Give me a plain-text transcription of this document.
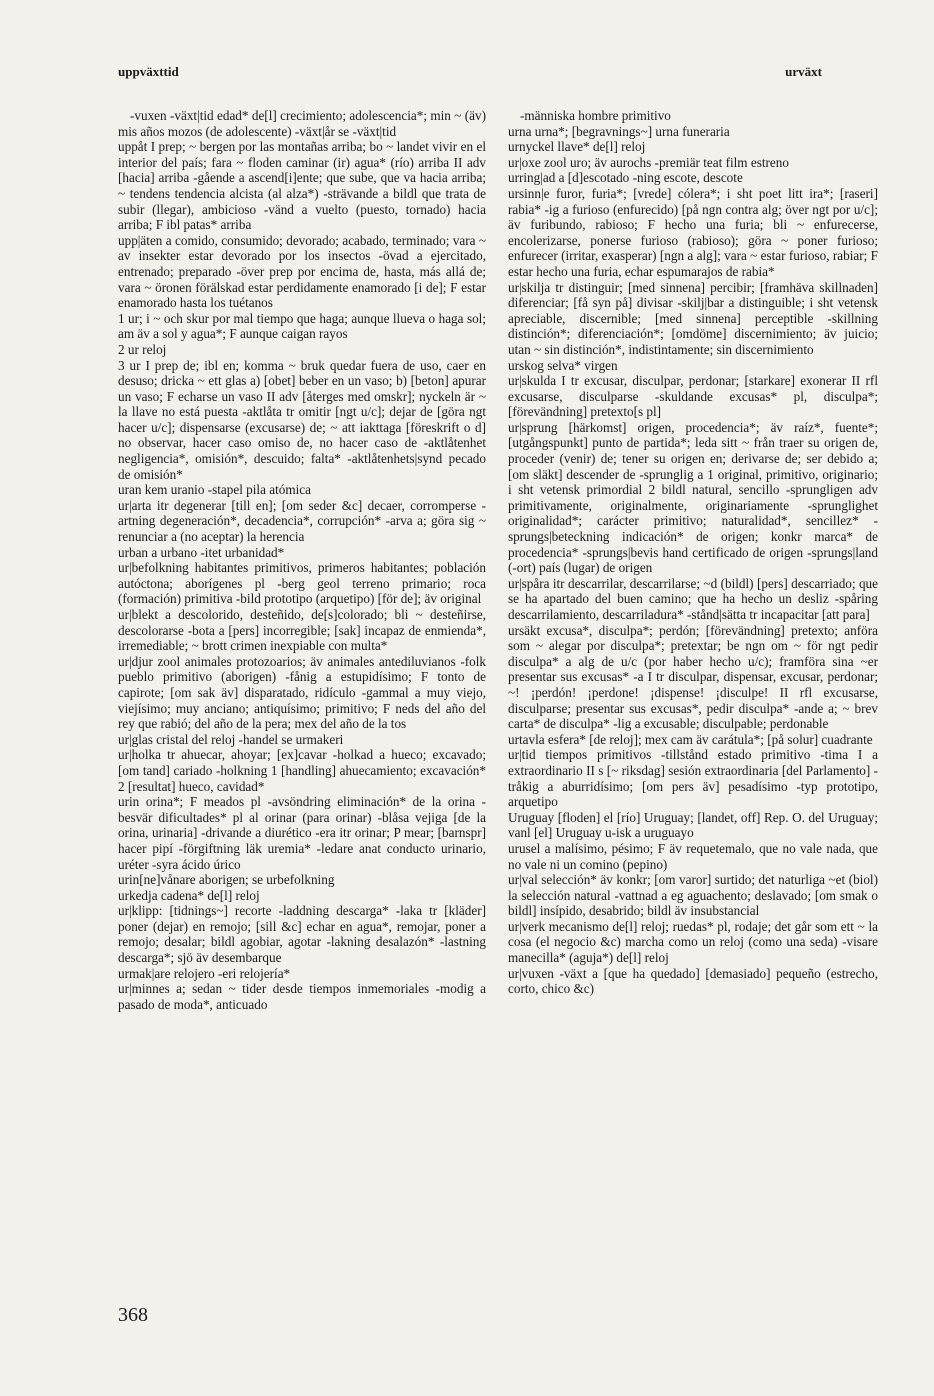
uppväxttid	urväxt

-vuxen -växt|tid edad* de[l] crecimiento; adolescencia*; min ~ (äv) mis años mozos (de adolescente) -växt|år se -växt|tid

uppåt I prep; ~ bergen por las montañas arriba; bo ~ landet vivir en el interior del país; fara ~ floden caminar (ir) agua* (río) arriba II adv [hacia] arriba -gående a ascend[i]ente; que sube, que va hacia arriba; ~ tendens tendencia alcista (al alza*) -strävande a bildl que trata de subir (llegar), ambicioso -vänd a vuelto (puesto, tornado) hacia arriba; F ibl patas* arriba

upp|äten a comido, consumido; devorado; acabado, terminado; vara ~ av insekter estar devorado por los insectos -övad a ejercitado, entrenado; preparado -över prep por encima de, hasta, más allá de; vara ~ öronen förälskad estar perdidamente enamorado [i de]; F estar enamorado hasta los tuétanos

1 ur; i ~ och skur por mal tiempo que haga; aunque llueva o haga sol; am äv a sol y agua*; F aunque caigan rayos

2 ur reloj

3 ur I prep de; ibl en; komma ~ bruk quedar fuera de uso, caer en desuso; dricka ~ ett glas a) [obet] beber en un vaso; b) [beton] apurar un vaso; F echarse un vaso II adv [återges med omskr]; nyckeln är ~ la llave no está puesta -aktlåta tr omitir [ngt u/c]; dejar de [göra ngt hacer u/c]; dispensarse (excusarse) de; ~ att iakttaga [föreskrift o d] no observar, hacer caso omiso de, no hacer caso de -aktlåtenhet negligencia*, omisión*, descuido; falta* -aktlåtenhets|synd pecado de omisión*

uran kem uranio -stapel pila atómica

ur|arta itr degenerar [till en]; [om seder &c] decaer, corromperse -artning degeneración*, decadencia*, corrupción* -arva a; göra sig ~ renunciar a (no aceptar) la herencia

urban a urbano -itet urbanidad*

ur|befolkning habitantes primitivos, primeros habitantes; población autóctona; aborígenes pl -berg geol terreno primario; roca (formación) primitiva -bild prototipo (arquetipo) [för de]; äv original

ur|blekt a descolorido, desteñido, de[s]colorado; bli ~ desteñirse, descolorarse -bota a [pers] incorregible; [sak] incapaz de enmienda*, irremediable; ~ brott crimen inexpiable con multa*

ur|djur zool animales protozoarios; äv animales antediluvianos -folk pueblo primitivo (aborigen) -fånig a estupidísimo; F tonto de capirote; [om sak äv] disparatado, ridículo -gammal a muy viejo, viejísimo; muy anciano; antiquísimo; primitivo; F neds del año del rey que rabió; del año de la pera; mex del año de la tos

ur|glas cristal del reloj -handel se urmakeri

ur|holka tr ahuecar, ahoyar; [ex]cavar -holkad a hueco; excavado; [om tand] cariado -holkning 1 [handling] ahuecamiento; excavación* 2 [resultat] hueco, cavidad*

urin orina*; F meados pl -avsöndring eliminación* de la orina -besvär dificultades* pl al orinar (para orinar) -blåsa vejiga [de la orina, urinaria] -drivande a diurético -era itr orinar; P mear; [barnspr] hacer pipí -förgiftning läk uremia* -ledare anat conducto urinario, uréter -syra ácido úrico

urin[ne]vånare aborigen; se urbefolkning

urkedja cadena* de[l] reloj

ur|klipp: [tidnings~] recorte -laddning descarga* -laka tr [kläder] poner (dejar) en remojo; [sill &c] echar en agua*, remojar, poner a remojo; desalar; bildl agobiar, agotar -lakning desalazón* -lastning descarga*; sjö äv desembarque

urmak|are relojero -eri relojería*

ur|minnes a; sedan ~ tider desde tiempos inmemoriales -modig a pasado de moda*, anticuado

-människa hombre primitivo

urna urna*; [begravnings~] urna funeraria

urnyckel llave* de[l] reloj

ur|oxe zool uro; äv aurochs -premiär teat film estreno

urring|ad a [d]escotado -ning escote, descote

ursinn|e furor, furia*; [vrede] cólera*; i sht poet litt ira*; [raseri] rabia* -ig a furioso (enfurecido) [på ngn contra alg; över ngt por u/c]; äv furibundo, rabioso; F hecho una furia; bli ~ enfurecerse, encolerizarse, ponerse furioso (rabioso); göra ~ poner furioso; enfurecer (irritar, exasperar) [ngn a alg]; vara ~ estar furioso, rabiar; F estar hecho una furia, echar espumarajos de rabia*

ur|skilja tr distinguir; [med sinnena] percibir; [framhäva skillnaden] diferenciar; [få syn på] divisar -skilj|bar a distinguible; i sht vetensk apreciable, discernible; [med sinnena] perceptible -skillning distinción*; diferenciación*; [omdöme] discernimiento; äv juicio; utan ~ sin distinción*, indistintamente; sin discernimiento

urskog selva* virgen

ur|skulda I tr excusar, disculpar, perdonar; [starkare] exonerar II rfl excusarse, disculparse -skuldande excusas* pl, disculpa*; [förevändning] pretexto[s pl]

ur|sprung [härkomst] origen, procedencia*; äv raíz*, fuente*; [utgångspunkt] punto de partida*; leda sitt ~ från traer su origen de, proceder (venir) de; tener su origen en; derivarse de; ser debido a; [om släkt] descender de -sprunglig a 1 original, primitivo, originario; i sht vetensk primordial 2 bildl natural, sencillo -sprungligen adv primitivamente, originalmente, originariamente -sprunglighet originalidad*; carácter primitivo; naturalidad*, sencillez* -sprungs|beteckning indicación* de origen; konkr marca* de procedencia* -sprungs|bevis hand certificado de origen -sprungs|land (-ort) país (lugar) de origen

ur|spåra itr descarrilar, descarrilarse; ~d (bildl) [pers] descarriado; que se ha apartado del buen camino; que ha hecho un desliz -spåring descarrilamiento, descarriladura* -stånd|sätta tr incapacitar [att para]

ursäkt excusa*, disculpa*; perdón; [förevändning] pretexto; anföra som ~ alegar por disculpa*; pretextar; be ngn om ~ för ngt pedir disculpa* a alg de u/c (por haber hecho u/c); framföra sina ~er presentar sus excusas* -a I tr disculpar, dispensar, excusar, perdonar; ~! ¡perdón! ¡perdone! ¡dispense! ¡disculpe! II rfl excusarse, disculparse; presentar sus excusas*, pedir disculpa* -ande a; ~ brev carta* de disculpa* -lig a excusable; disculpable; perdonable

urtavla esfera* [de reloj]; mex cam äv carátula*; [på solur] cuadrante

ur|tid tiempos primitivos -tillstånd estado primitivo -tima I a extraordinario II s [~ riksdag] sesión extraordinaria [del Parlamento] -tråkig a aburridísimo; [om pers äv] pesadísimo -typ prototipo, arquetipo

Uruguay [floden] el [río] Uruguay; [landet, off] Rep. O. del Uruguay; vanl [el] Uruguay u-isk a uruguayo

urusel a malísimo, pésimo; F äv requetemalo, que no vale nada, que no vale ni un comino (pepino)

ur|val selección* äv konkr; [om varor] surtido; det naturliga ~et (biol) la selección natural -vattnad a eg aguachento; deslavado; [om smak o bildl] insípido, desabrido; bildl äv insubstancial

ur|verk mecanismo de[l] reloj; ruedas* pl, rodaje; det går som ett ~ la cosa (el negocio &c) marcha como un reloj (como una seda) -visare manecilla* (aguja*) de[l] reloj

ur|vuxen -växt a [que ha quedado] [demasiado] pequeño (estrecho, corto, chico &c)

368
